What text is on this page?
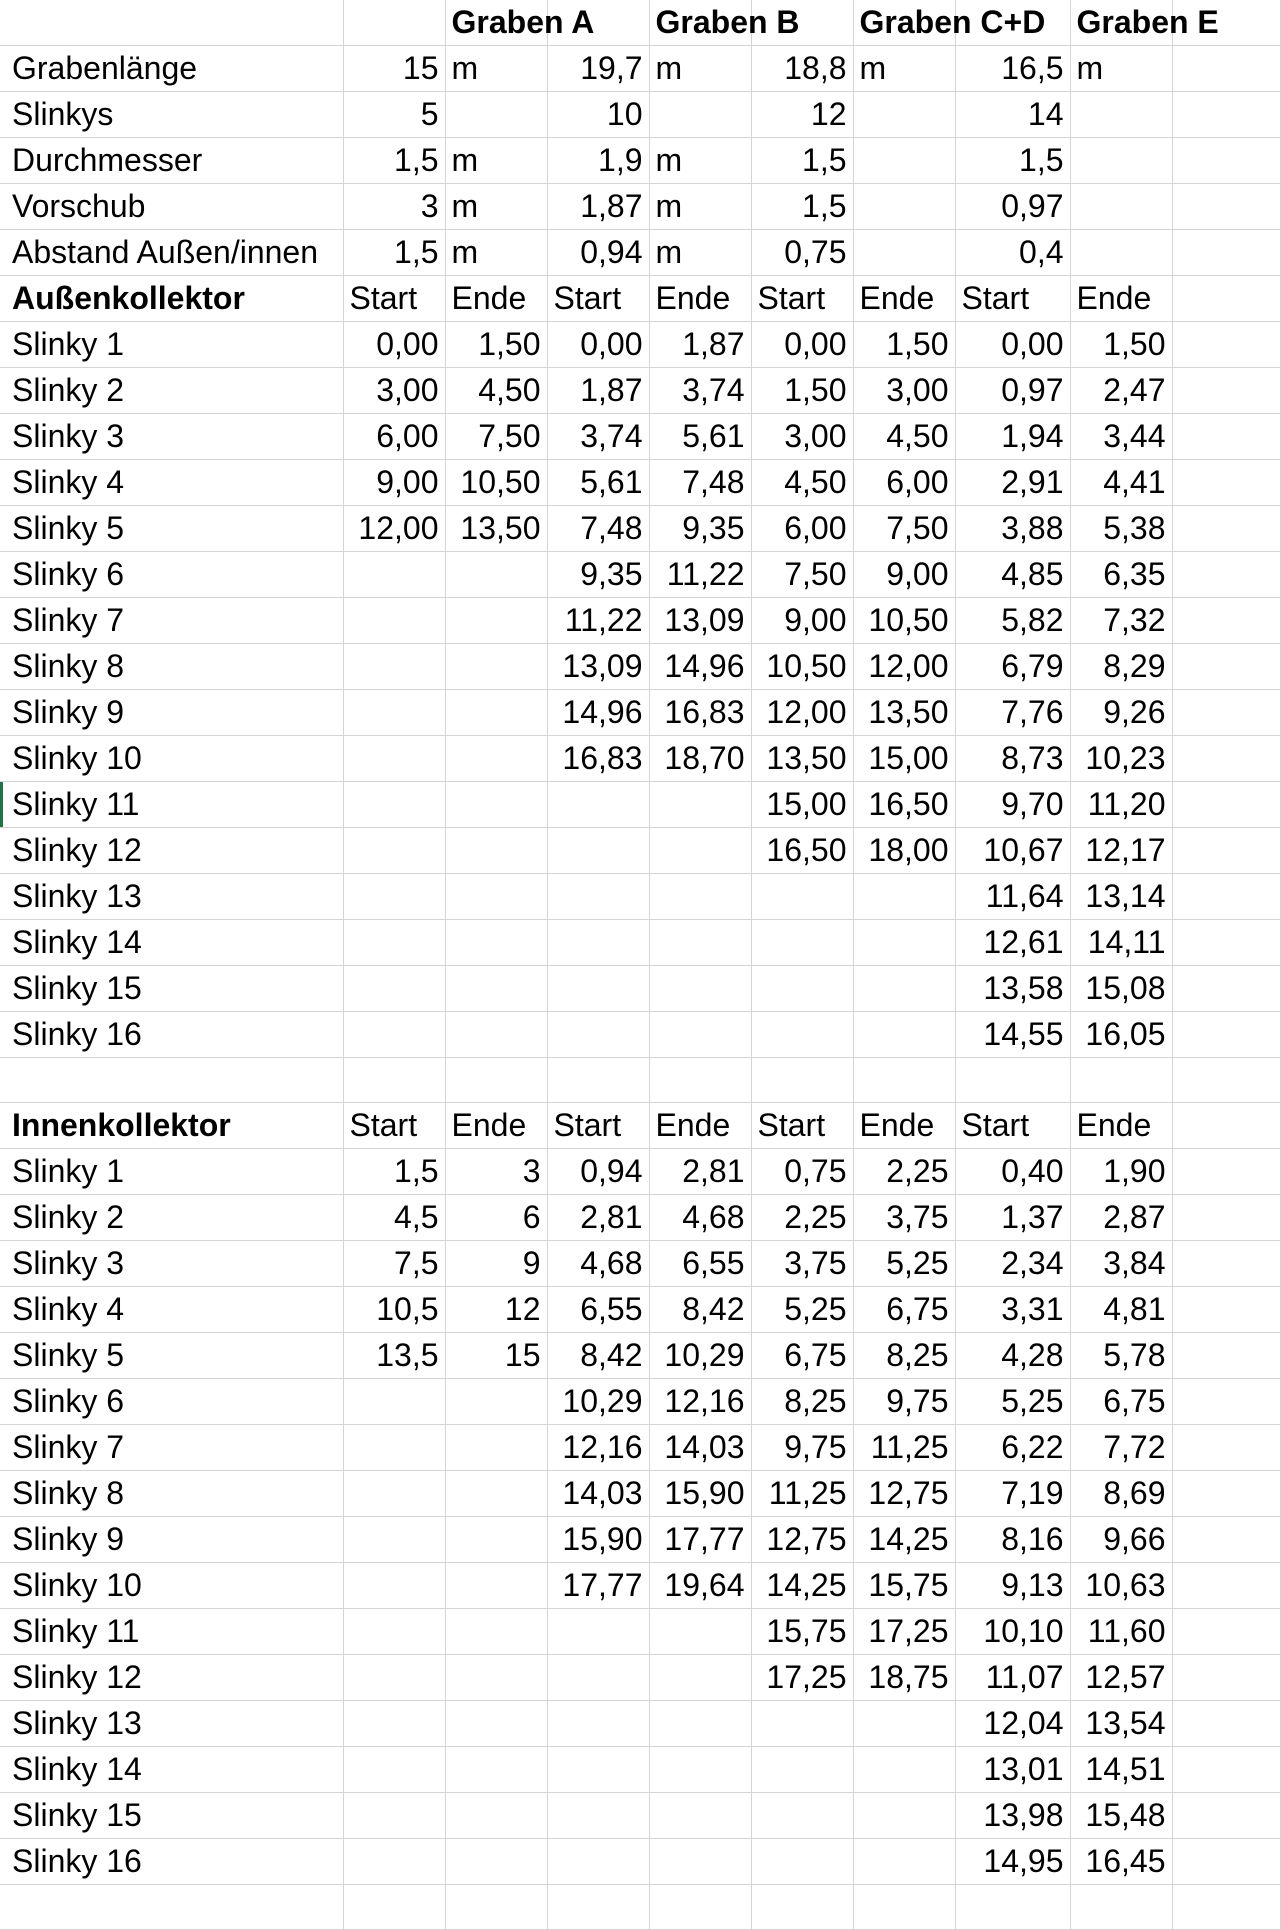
		Graben A		Graben B		Graben C+D		Graben E	
Grabenlänge	15	m	19,7	m	18,8	m	16,5	m	
Slinkys	5		10		12		14		
Durchmesser	1,5	m	1,9	m	1,5		1,5		
Vorschub	3	m	1,87	m	1,5		0,97		
Abstand Außen/innen	1,5	m	0,94	m	0,75		0,4		
Außenkollektor	Start	Ende	Start	Ende	Start	Ende	Start	Ende	
Slinky 1	0,00	1,50	0,00	1,87	0,00	1,50	0,00	1,50	
Slinky 2	3,00	4,50	1,87	3,74	1,50	3,00	0,97	2,47	
Slinky 3	6,00	7,50	3,74	5,61	3,00	4,50	1,94	3,44	
Slinky 4	9,00	10,50	5,61	7,48	4,50	6,00	2,91	4,41	
Slinky 5	12,00	13,50	7,48	9,35	6,00	7,50	3,88	5,38	
Slinky 6			9,35	11,22	7,50	9,00	4,85	6,35	
Slinky 7			11,22	13,09	9,00	10,50	5,82	7,32	
Slinky 8			13,09	14,96	10,50	12,00	6,79	8,29	
Slinky 9			14,96	16,83	12,00	13,50	7,76	9,26	
Slinky 10			16,83	18,70	13,50	15,00	8,73	10,23	
Slinky 11					15,00	16,50	9,70	11,20	
Slinky 12					16,50	18,00	10,67	12,17	
Slinky 13							11,64	13,14	
Slinky 14							12,61	14,11	
Slinky 15							13,58	15,08	
Slinky 16							14,55	16,05	

Innenkollektor	Start	Ende	Start	Ende	Start	Ende	Start	Ende	
Slinky 1	1,5	3	0,94	2,81	0,75	2,25	0,40	1,90	
Slinky 2	4,5	6	2,81	4,68	2,25	3,75	1,37	2,87	
Slinky 3	7,5	9	4,68	6,55	3,75	5,25	2,34	3,84	
Slinky 4	10,5	12	6,55	8,42	5,25	6,75	3,31	4,81	
Slinky 5	13,5	15	8,42	10,29	6,75	8,25	4,28	5,78	
Slinky 6			10,29	12,16	8,25	9,75	5,25	6,75	
Slinky 7			12,16	14,03	9,75	11,25	6,22	7,72	
Slinky 8			14,03	15,90	11,25	12,75	7,19	8,69	
Slinky 9			15,90	17,77	12,75	14,25	8,16	9,66	
Slinky 10			17,77	19,64	14,25	15,75	9,13	10,63	
Slinky 11					15,75	17,25	10,10	11,60	
Slinky 12					17,25	18,75	11,07	12,57	
Slinky 13							12,04	13,54	
Slinky 14							13,01	14,51	
Slinky 15							13,98	15,48	
Slinky 16							14,95	16,45	
